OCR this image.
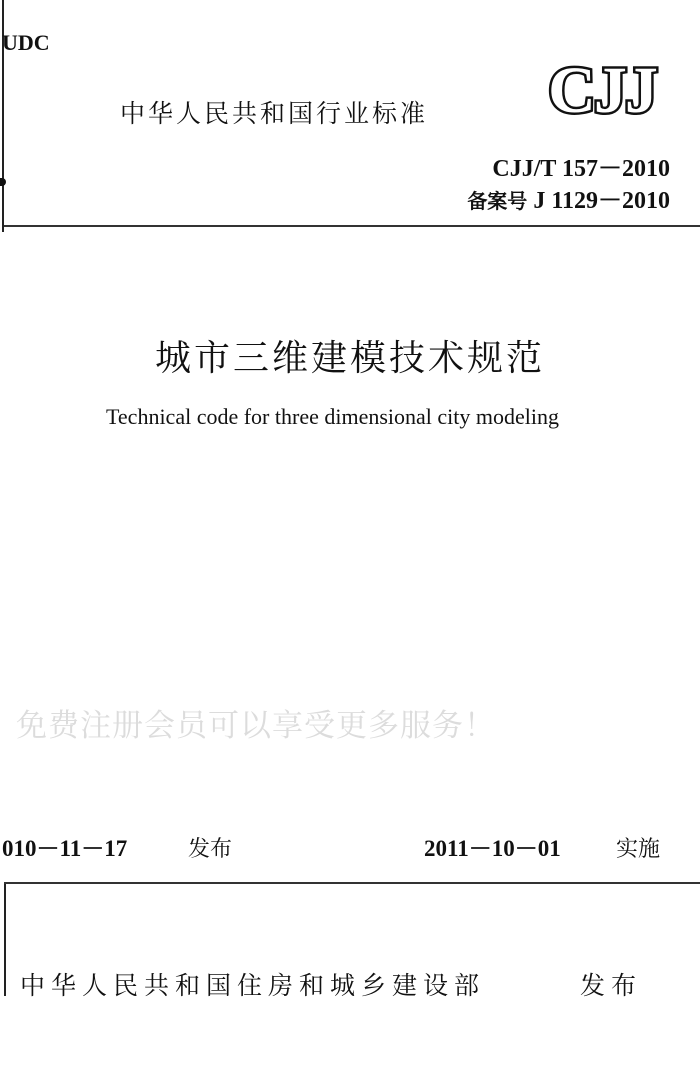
UDC
中华人民共和国行业标准 CJJ
CJJ/T 157－2010
备案号 J 1129－2010
城市三维建模技术规范
Technical code for three dimensional city modeling
免费注册会员可以享受更多服务！
010－11－17	发布	2011－10－01	实施
中华人民共和国住房和城乡建设部	发布
